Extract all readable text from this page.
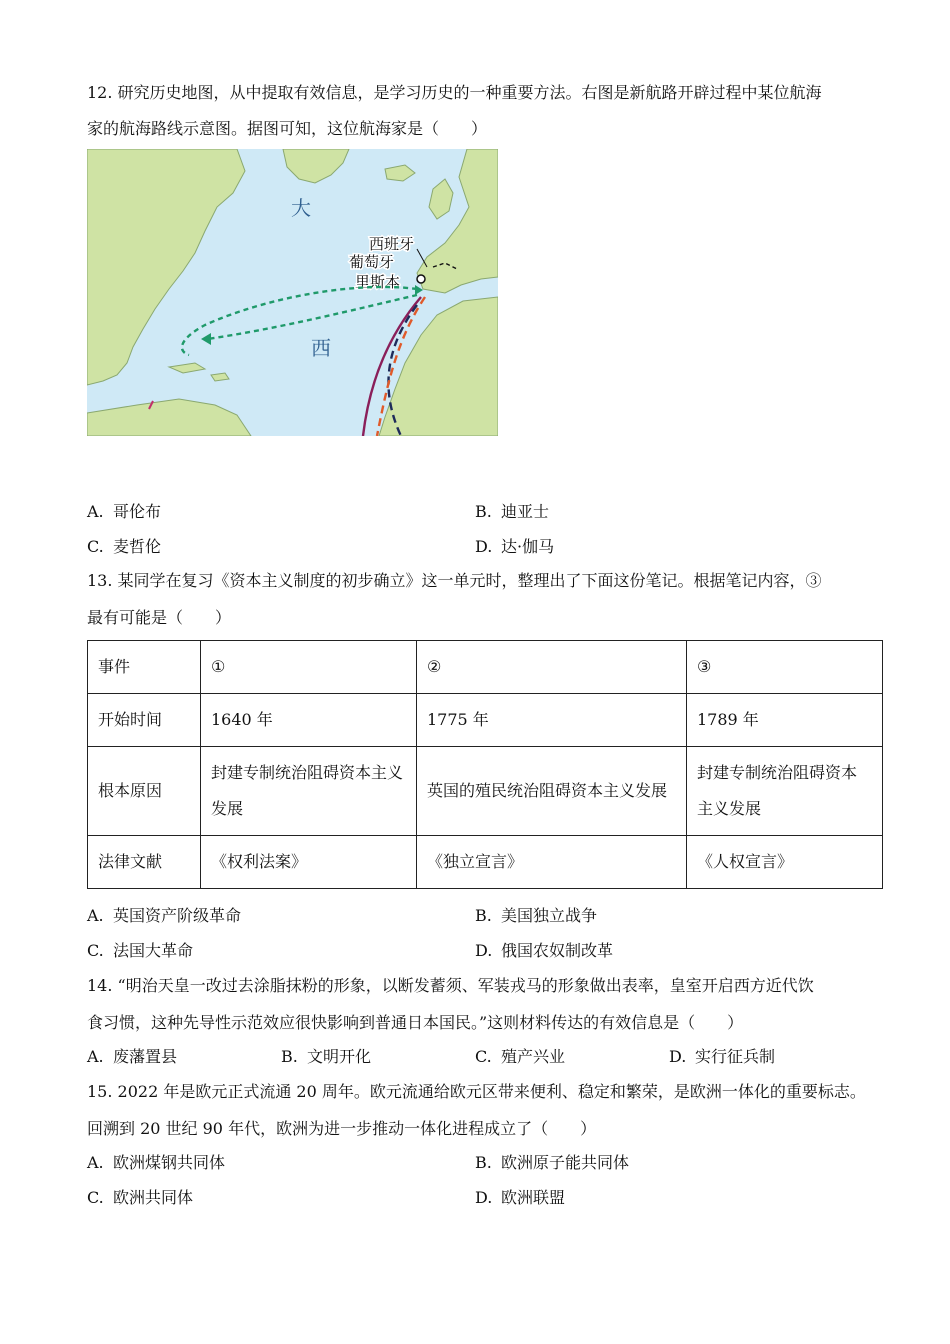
12. 研究历史地图，从中提取有效信息，是学习历史的一种重要方法。右图是新航路开辟过程中某位航海
家的航海路线示意图。据图可知，这位航海家是（　　）
大
西
西班牙
葡萄牙
里斯本
A. 哥伦布	B. 迪亚士
C. 麦哲伦	D. 达·伽马
13. 某同学在复习《资本主义制度的初步确立》这一单元时，整理出了下面这份笔记。根据笔记内容，③
最有可能是（　　）
事件	①	②	③
开始时间	1640 年	1775 年	1789 年
根本原因	封建专制统治阻碍资本主义发展	英国的殖民统治阻碍资本主义发展	封建专制统治阻碍资本主义发展
法律文献	《权利法案》	《独立宣言》	《人权宣言》
A. 英国资产阶级革命	B. 美国独立战争
C. 法国大革命	D. 俄国农奴制改革
14. “明治天皇一改过去涂脂抹粉的形象，以断发蓄须、军装戎马的形象做出表率，皇室开启西方近代饮
食习惯，这种先导性示范效应很快影响到普通日本国民。”这则材料传达的有效信息是（　　）
A. 废藩置县	B. 文明开化	C. 殖产兴业	D. 实行征兵制
15. 2022 年是欧元正式流通 20 周年。欧元流通给欧元区带来便利、稳定和繁荣，是欧洲一体化的重要标志。
回溯到 20 世纪 90 年代，欧洲为进一步推动一体化进程成立了（　　）
A. 欧洲煤钢共同体	B. 欧洲原子能共同体
C. 欧洲共同体	D. 欧洲联盟
